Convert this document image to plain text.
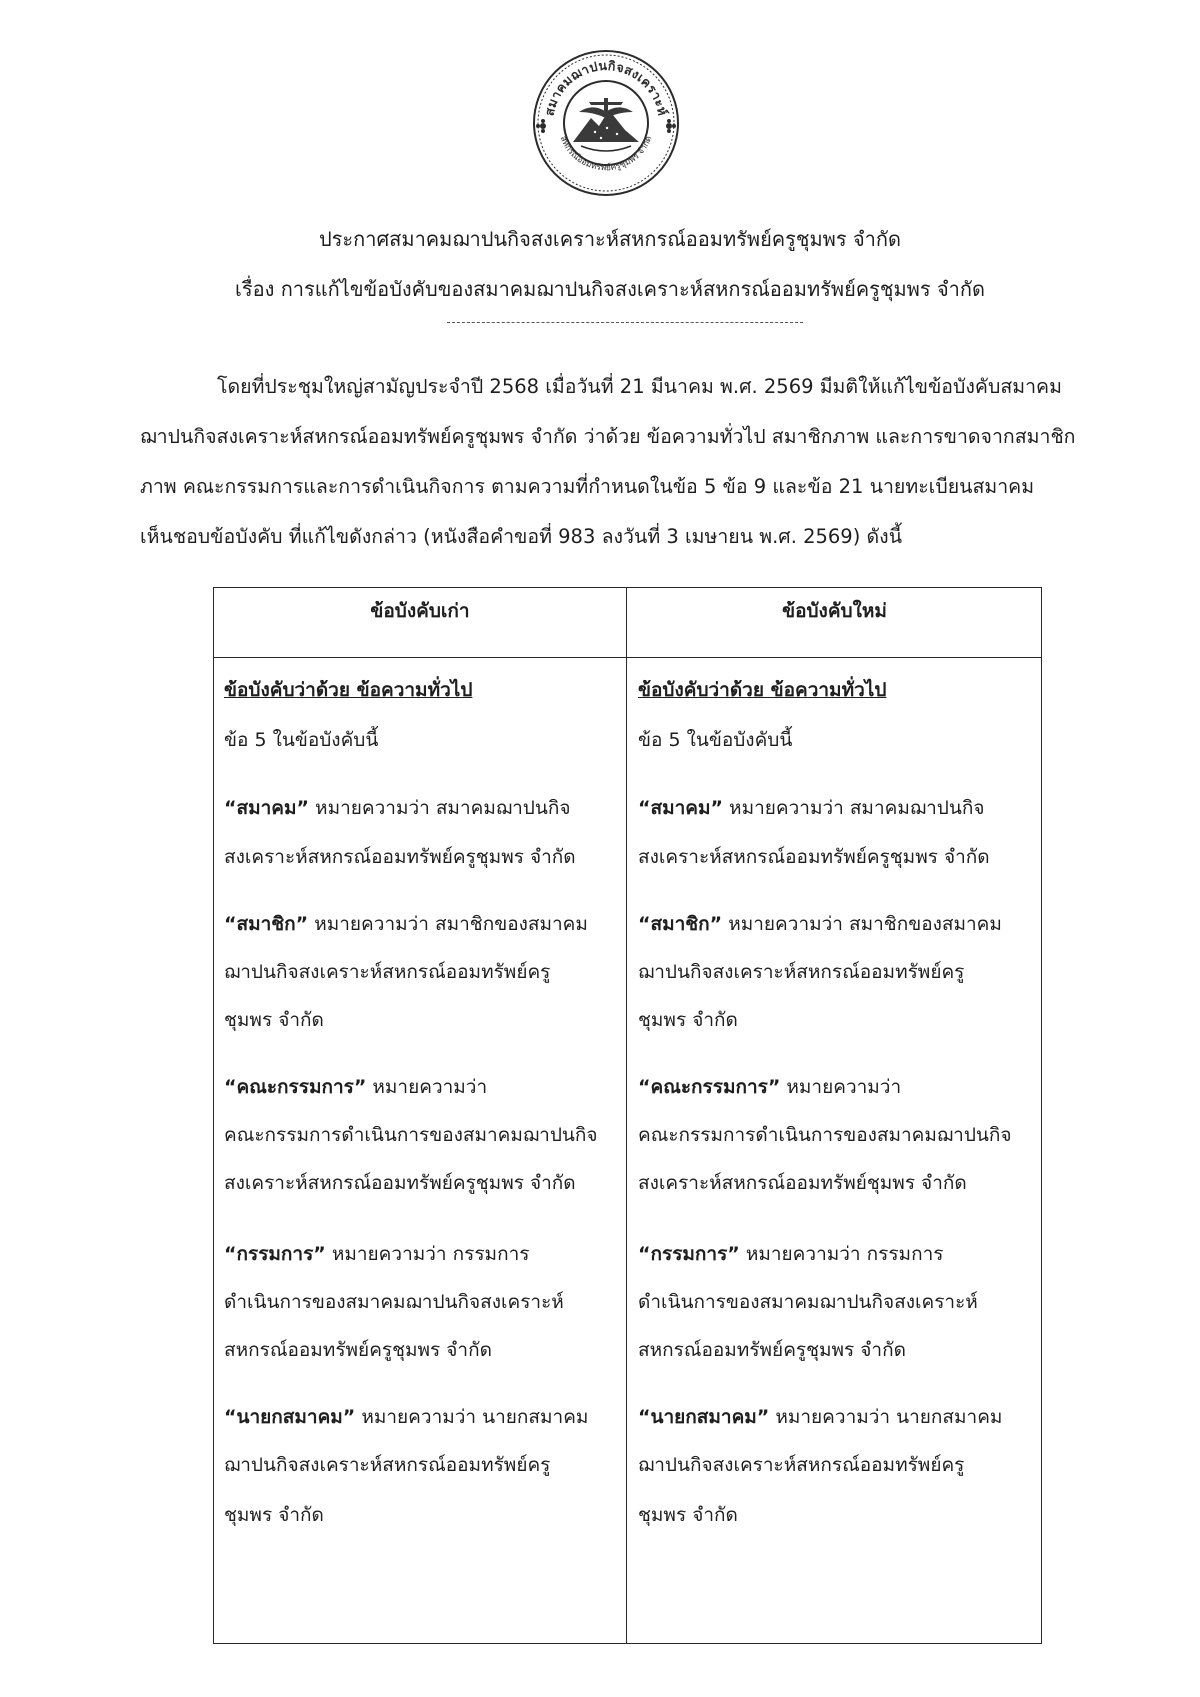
สมาคมฌาปนกิจสงเคราะห์
สหกรณ์ออมทรัพย์ครูชุมพร จำกัด
ประกาศสมาคมฌาปนกิจสงเคราะห์สหกรณ์ออมทรัพย์ครูชุมพร จำกัด
เรื่อง การแก้ไขข้อบังคับของสมาคมฌาปนกิจสงเคราะห์สหกรณ์ออมทรัพย์ครูชุมพร จำกัด
โดยที่ประชุมใหญ่สามัญประจำปี 2568 เมื่อวันที่ 21 มีนาคม พ.ศ. 2569 มีมติให้แก้ไขข้อบังคับสมาคม
ฌาปนกิจสงเคราะห์สหกรณ์ออมทรัพย์ครูชุมพร จำกัด ว่าด้วย ข้อความทั่วไป สมาชิกภาพ และการขาดจากสมาชิก
ภาพ คณะกรรมการและการดำเนินกิจการ ตามความที่กำหนดในข้อ 5 ข้อ 9 และข้อ 21 นายทะเบียนสมาคม
เห็นชอบข้อบังคับ ที่แก้ไขดังกล่าว (หนังสือคำขอที่ 983 ลงวันที่ 3 เมษายน พ.ศ. 2569) ดังนี้
ข้อบังคับเก่า	ข้อบังคับใหม่
ข้อบังคับว่าด้วย ข้อความทั่วไป
ข้อ 5 ในข้อบังคับนี้
“สมาคม” หมายความว่า สมาคมฌาปนกิจ
สงเคราะห์สหกรณ์ออมทรัพย์ครูชุมพร จำกัด
“สมาชิก” หมายความว่า สมาชิกของสมาคม
ฌาปนกิจสงเคราะห์สหกรณ์ออมทรัพย์ครู
ชุมพร จำกัด
“คณะกรรมการ” หมายความว่า
คณะกรรมการดำเนินการของสมาคมฌาปนกิจ
สงเคราะห์สหกรณ์ออมทรัพย์ครูชุมพร จำกัด
“กรรมการ” หมายความว่า กรรมการ
ดำเนินการของสมาคมฌาปนกิจสงเคราะห์
สหกรณ์ออมทรัพย์ครูชุมพร จำกัด
“นายกสมาคม” หมายความว่า นายกสมาคม
ฌาปนกิจสงเคราะห์สหกรณ์ออมทรัพย์ครู
ชุมพร จำกัด
ข้อบังคับว่าด้วย ข้อความทั่วไป
ข้อ 5 ในข้อบังคับนี้
“สมาคม” หมายความว่า สมาคมฌาปนกิจ
สงเคราะห์สหกรณ์ออมทรัพย์ครูชุมพร จำกัด
“สมาชิก” หมายความว่า สมาชิกของสมาคม
ฌาปนกิจสงเคราะห์สหกรณ์ออมทรัพย์ครู
ชุมพร จำกัด
“คณะกรรมการ” หมายความว่า
คณะกรรมการดำเนินการของสมาคมฌาปนกิจ
สงเคราะห์สหกรณ์ออมทรัพย์ชุมพร จำกัด
“กรรมการ” หมายความว่า กรรมการ
ดำเนินการของสมาคมฌาปนกิจสงเคราะห์
สหกรณ์ออมทรัพย์ครูชุมพร จำกัด
“นายกสมาคม” หมายความว่า นายกสมาคม
ฌาปนกิจสงเคราะห์สหกรณ์ออมทรัพย์ครู
ชุมพร จำกัด
